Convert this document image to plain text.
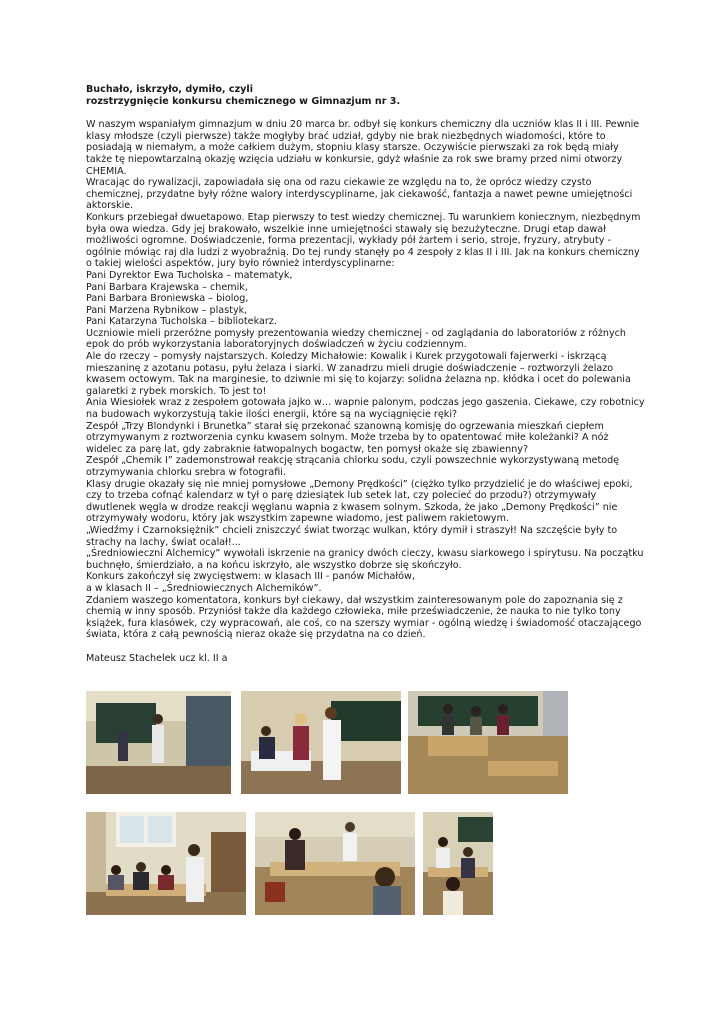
Buchało, iskrzyło, dymiło, czyli

rozstrzygnięcie konkursu chemicznego w Gimnazjum nr 3.

W naszym wspaniałym gimnazjum w dniu 20 marca br. odbył się konkurs chemiczny dla uczniów klas II i III. Pewnie klasy młodsze (czyli pierwsze) także mogłyby brać udział, gdyby nie brak niezbędnych wiadomości, które to posiadają w niemałym, a może całkiem dużym, stopniu klasy starsze. Oczywiście pierwszaki za rok będą miały także tę niepowtarzalną okazję wzięcia udziału w konkursie, gdyż właśnie za rok swe bramy przed nimi otworzy CHEMIA.

Wracając do rywalizacji, zapowiadała się ona od razu ciekawie ze względu na to, że oprócz wiedzy czysto chemicznej, przydatne były różne walory interdyscyplinarne, jak ciekawość, fantazja a nawet pewne umiejętności aktorskie.

Konkurs przebiegał dwuetapowo. Etap pierwszy to test wiedzy chemicznej. Tu warunkiem koniecznym, niezbędnym była owa wiedza. Gdy jej brakowało, wszelkie inne umiejętności stawały się bezużyteczne. Drugi etap dawał możliwości ogromne. Doświadczenie, forma prezentacji, wykłady pół żartem i serio, stroje, fryzury, atrybuty - ogólnie mówiąc raj dla ludzi z wyobraźnią. Do tej rundy stanęły po 4 zespoły z klas II i III. Jak na konkurs chemiczny o takiej wielości aspektów, jury było również interdyscyplinarne:

Pani Dyrektor Ewa Tucholska – matematyk,

Pani Barbara Krajewska – chemik,

Pani Barbara Broniewska – biolog,

Pani Marzena Rybnikow – plastyk,

Pani Katarzyna Tucholska – bibliotekarz.

Uczniowie mieli przeróżne pomysły prezentowania wiedzy chemicznej - od zaglądania do laboratoriów z różnych epok do prób wykorzystania laboratoryjnych doświadczeń w życiu codziennym.

Ale do rzeczy – pomysły najstarszych. Koledzy Michałowie: Kowalik i Kurek przygotowali fajerwerki - iskrzącą mieszaninę z azotanu potasu, pyłu żelaza i siarki. W zanadrzu mieli drugie doświadczenie – roztworzyli żelazo kwasem octowym. Tak na marginesie, to dziwnie mi się to kojarzy: solidna żelazna np. kłódka i ocet do polewania galaretki z rybek morskich. To jest to!

Ania Wiesiołek wraz z zespołem gotowała jajko w… wapnie palonym, podczas jego gaszenia. Ciekawe, czy robotnicy na budowach wykorzystują takie ilości energii, które są na wyciągnięcie ręki?

Zespół „Trzy Blondynki i Brunetka” starał się przekonać szanowną komisję do ogrzewania mieszkań ciepłem otrzymywanym z roztworzenia cynku kwasem solnym. Może trzeba by to opatentować miłe koleżanki? A nóż widelec za parę lat, gdy zabraknie łatwopalnych bogactw, ten pomysł okaże się zbawienny?

Zespół „Chemik I” zademonstrował reakcję strącania chlorku sodu, czyli powszechnie wykorzystywaną metodę otrzymywania chlorku srebra w fotografii.

Klasy drugie okazały się nie mniej pomysłowe „Demony Prędkości” (ciężko tylko przydzielić je do właściwej epoki, czy to trzeba cofnąć kalendarz w tył o parę dziesiątek lub setek lat, czy polecieć do przodu?) otrzymywały dwutlenek węgla w drodze reakcji węglanu wapnia z kwasem solnym. Szkoda, że jako „Demony Prędkości” nie otrzymywały wodoru, który jak wszystkim zapewne wiadomo, jest paliwem rakietowym.

„Wiedźmy i Czarnoksiężnik” chcieli zniszczyć świat tworząc wulkan, który dymił i straszył! Na szczęście były to strachy na lachy, świat ocalał!...

„Średniowieczni Alchemicy” wywołali iskrzenie na granicy dwóch cieczy, kwasu siarkowego i spirytusu. Na początku buchnęło, śmierdziało, a na końcu iskrzyło, ale wszystko dobrze się skończyło.

Konkurs zakończył się zwycięstwem: w klasach III - panów Michałów,

a w klasach II – „Średniowiecznych Alchemików”.

Zdaniem waszego komentatora, konkurs był ciekawy, dał wszystkim zainteresowanym pole do zapoznania się z chemią w inny sposób. Przyniósł także dla każdego człowieka, miłe przeświadczenie, że nauka to nie tylko tony książek, fura klasówek, czy wypracowań, ale coś, co na szerszy wymiar - ogólną wiedzę i świadomość otaczającego świata, która z całą pewnością nieraz okaże się przydatna na co dzień.

Mateusz Stachelek ucz kl. II a
